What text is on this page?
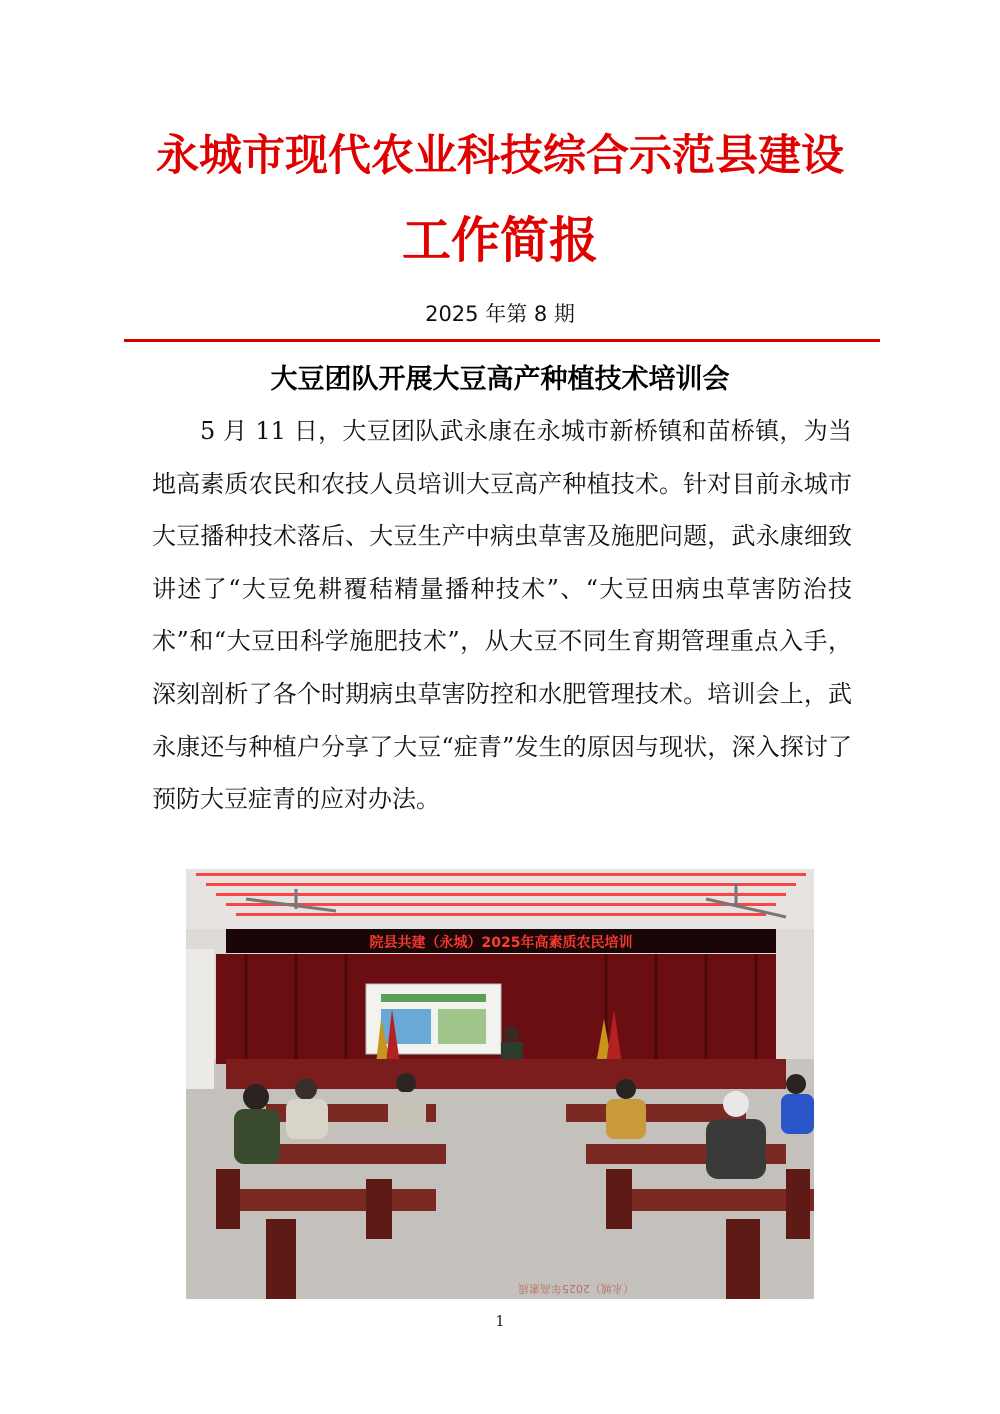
永城市现代农业科技综合示范县建设
工作简报
2025 年第 8 期
大豆团队开展大豆高产种植技术培训会

5 月 11 日，大豆团队武永康在永城市新桥镇和苗桥镇，为当地高素质农民和农技人员培训大豆高产种植技术。针对目前永城市大豆播种技术落后、大豆生产中病虫草害及施肥问题，武永康细致讲述了“大豆免耕覆秸精量播种技术”、“大豆田病虫草害防治技术”和“大豆田科学施肥技术”，从大豆不同生育期管理重点入手，深刻剖析了各个时期病虫草害防控和水肥管理技术。培训会上，武永康还与种植户分享了大豆“症青”发生的原因与现状，深入探讨了预防大豆症青的应对办法。

院县共建（永城）2025年高素质农民培训
（永城）2025年高素质
1
